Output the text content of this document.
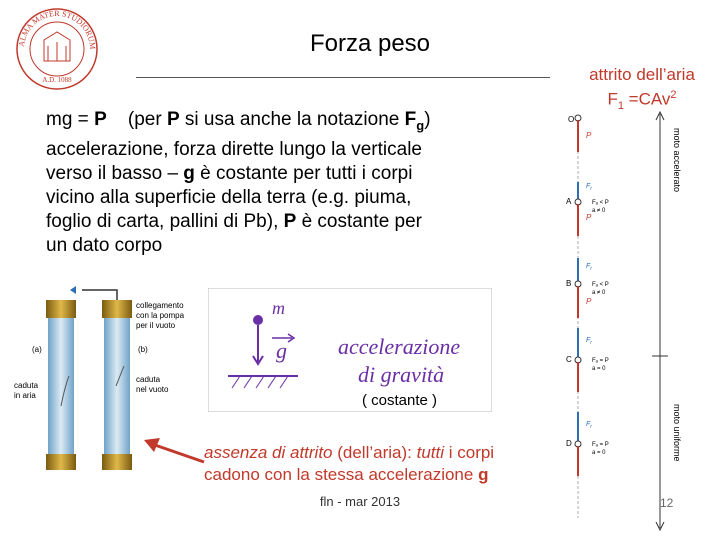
ALMA MATER STUDIORUM
A.D. 1088
Forza peso
attrito dell’aria
$F_1 =CAv^2$
mg = P    (per P si usa anche la notazione $F_g$)
accelerazione, forza dirette lungo la verticale
verso il basso – g è costante per tutti i corpi
vicino alla superficie della terra (e.g. piuma,
foglio di carta, pallini di Pb), P è costante per
un dato corpo
(a)	(b)
collegamento con la pompa per il vuoto
caduta in aria
caduta nel vuoto
m
g accelerazione
di gravità
( costante )
assenza di attrito (dell’aria): tutti i corpi
cadono con la stessa accelerazione g
O
P
A
$F_r$
P
Fₐ < P
a ≠ 0
B
$F_r$
P
Fₐ < P
a ≠ 0
C
$F_r$
Fₐ = P
a = 0
D
$F_r$
Fₐ = P
a = 0
moto accelerato
moto uniforme
fln - mar 2013	12
